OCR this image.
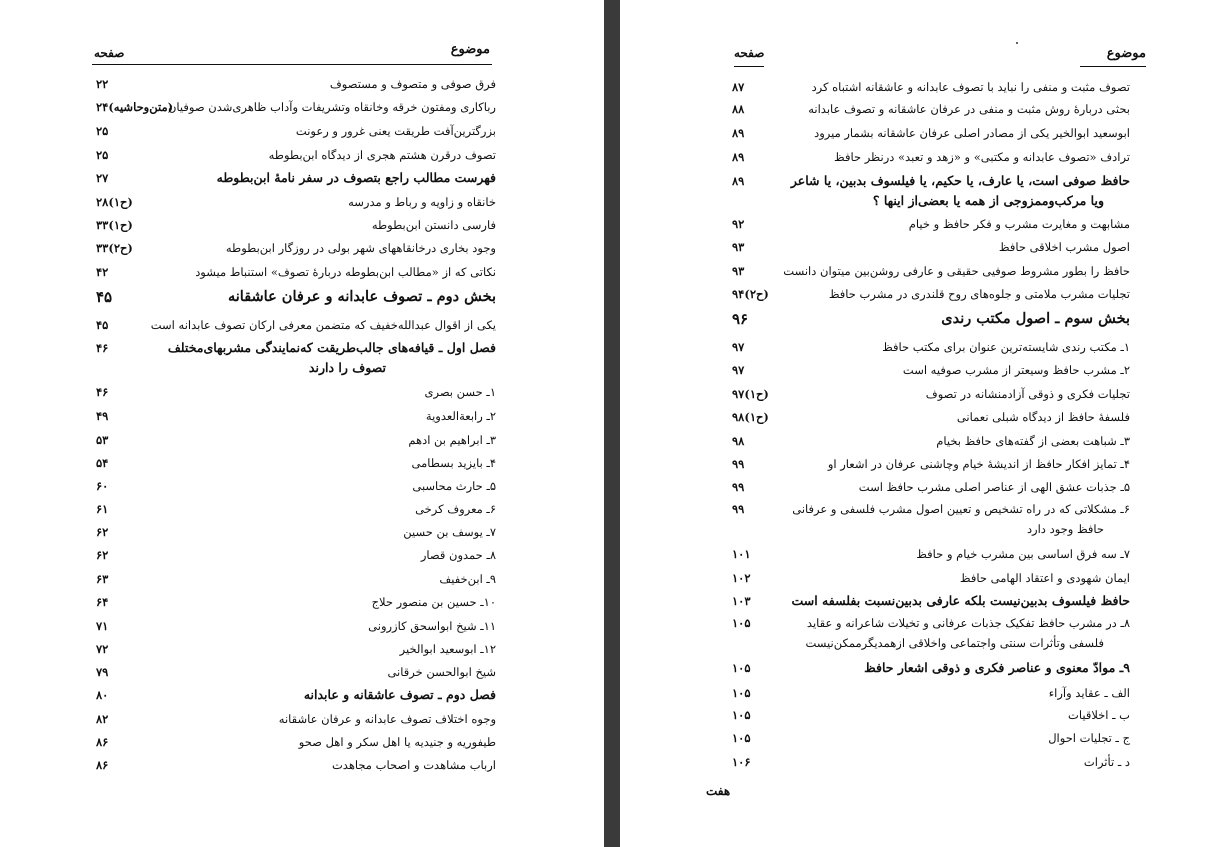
موضوع
صفحه
فرق صوفی و متصوف و مستصوف
۲۲
رباکاری ومفتون خرقه وخانقاه وتشریفات وآداب ظاهری‌شدن صوفیان
(متن‌وحاشیه)۲۴
بزرگترین‌آفت طریقت یعنی غرور و رعونت
۲۵
تصوف درقرن هشتم هجری از دیدگاه ابن‌بطوطه
۲۵
فهرست مطالب راجع بتصوف در سفر نامهٔ ابن‌بطوطه
۲۷
خانقاه و زاویه و رباط و مدرسه
(ح۱)۲۸
فارسی دانستن ابن‌بطوطه
(ح۱)۳۳
وجود بخاری درخانقاههای شهر بولی در روزگار ابن‌بطوطه
(ح۲)۳۳
نکاتی که از «مطالب ابن‌بطوطه دربارهٔ تصوف» استنباط میشود
۴۲
بخش دوم ـ تصوف عابدانه و عرفان عاشقانه
۴۵
یکی از اقوال عبدالله‌خفیف که متضمن معرفی ارکان تصوف عابدانه است
۴۵
فصل اول ـ قیافه‌های جالب‌طریقت که‌نمایندگی مشربهای‌مختلف
تصوف را دارند
۴۶
۱ـ حسن بصری
۴۶
۲ـ رابعة‌العدویة
۴۹
۳ـ ابراهیم بن ادهم
۵۳
۴ـ بایزید بسطامی
۵۴
۵ـ حارث محاسبی
۶۰
۶ـ معروف کرخی
۶۱
۷ـ یوسف بن حسین
۶۲
۸ـ حمدون قصار
۶۲
۹ـ ابن‌خفیف
۶۳
۱۰ـ حسین بن منصور حلاج
۶۴
۱۱ـ شیخ ابواسحق کازرونی
۷۱
۱۲ـ ابوسعید ابوالخیر
۷۲
شیخ ابوالحسن خرقانی
۷۹
فصل دوم ـ تصوف عاشقانه و عابدانه
۸۰
وجوه اختلاف تصوف عابدانه و عرفان عاشقانه
۸۲
طیفوریه و جنیدیه یا اهل سکر و اهل صحو
۸۶
ارباب مشاهدت و اصحاب مجاهدت
۸۶
موضوع
صفحه
تصوف مثبت و منفی را نباید با تصوف عابدانه و عاشقانه اشتباه کرد
۸۷
بحثی دربارهٔ روش مثبت و منفی در عرفان عاشقانه و تصوف عابدانه
۸۸
ابوسعید ابوالخیر یکی از مصادر اصلی عرفان عاشقانه بشمار میرود
۸۹
ترادف «تصوف عابدانه و مکتبی» و «زهد و تعبد» درنظر حافظ
۸۹
حافظ صوفی است، یا عارف، یا حکیم، یا فیلسوف بدبین، یا شاعر
ویا مرکب‌وممزوجی از همه یا بعضی‌از اینها ؟
۸۹
مشابهت و مغایرت مشرب و فکر حافظ و خیام
۹۲
اصول مشرب اخلاقی حافظ
۹۳
حافظ را بطور مشروط صوفیی حقیقی و عارفی روشن‌بین میتوان دانست
۹۳
تجلیات مشرب ملامتی و جلوه‌های روح قلندری در مشرب حافظ
(ح۲)۹۴
بخش سوم ـ اصول مکتب رندی
۹۶
۱ـ مکتب رندی شایسته‌ترین عنوان برای مکتب حافظ
۹۷
۲ـ مشرب حافظ وسیعتر از مشرب صوفیه است
۹۷
تجلیات فکری و ذوقی آزادمنشانه در تصوف
(ح۱)۹۷
فلسفهٔ حافظ از دیدگاه شبلی نعمانی
(ح۱)۹۸
۳ـ شباهت بعضی از گفته‌های حافظ بخیام
۹۸
۴ـ تمایز افکار حافظ از اندیشهٔ خیام وچاشنی عرفان در اشعار او
۹۹
۵ـ جذبات عشق الهی از عناصر اصلی مشرب حافظ است
۹۹
۶ـ مشکلاتی که در راه تشخیص و تعیین اصول مشرب فلسفی و عرفانی
حافظ وجود دارد
۹۹
۷ـ سه فرق اساسی بین مشرب خیام و حافظ
۱۰۱
ایمان شهودی و اعتقاد الهامی حافظ
۱۰۲
حافظ فیلسوف بدبین‌نیست بلکه عارفی بدبین‌نسبت بفلسفه است
۱۰۳
۸ـ در مشرب حافظ تفکیک جذبات عرفانی و تخیلات شاعرانه و عقاید
فلسفی وتأثرات سنتی واجتماعی واخلاقی ازهمدیگرممکن‌نیست
۱۰۵
۹ـ موادّ معنوی و عناصر فکری و ذوقی اشعار حافظ
۱۰۵
الف ـ عقاید وآراء
۱۰۵
ب ـ اخلاقیات
۱۰۵
ج ـ تجلیات احوال
۱۰۵
د ـ تأثرات
۱۰۶
هفت
